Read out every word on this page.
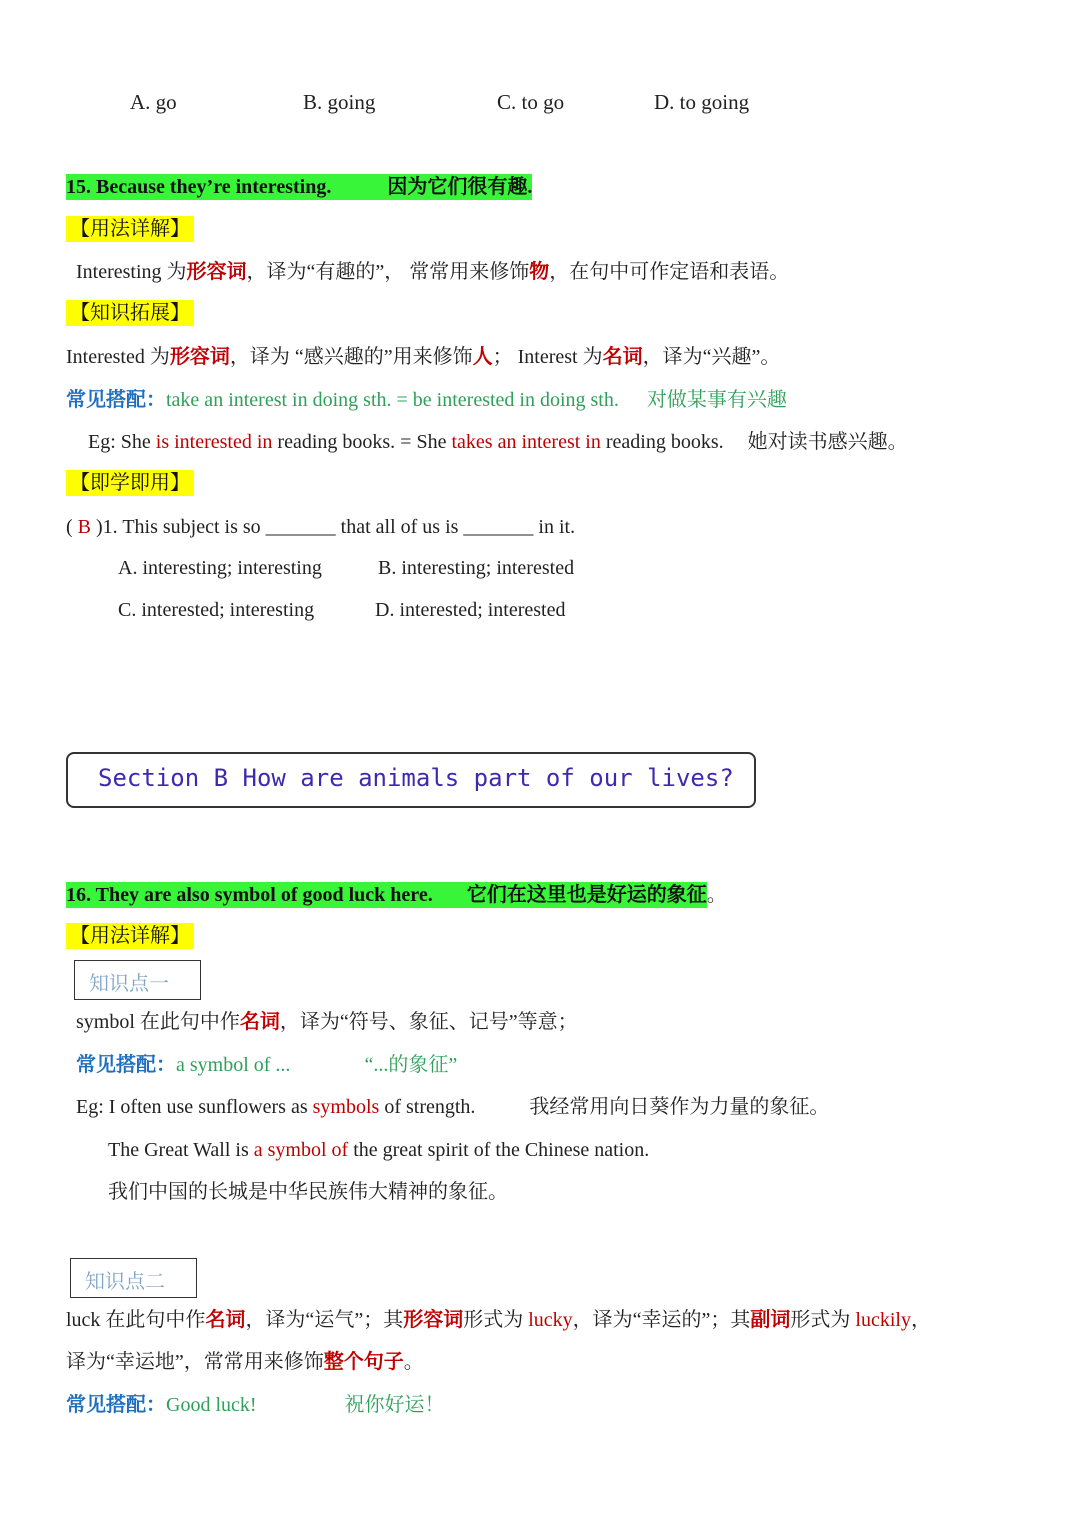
A. go	B. going	C. to go	D. to going
15. Because they’re interesting.	因为它们很有趣.
【用法详解】
Interesting 为形容词，译为“有趣的”， 常常用来修饰物，在句中可作定语和表语。
【知识拓展】
Interested 为形容词，译为 “感兴趣的”用来修饰人； Interest 为名词，译为“兴趣”。
常见搭配：take an interest in doing sth. = be interested in doing sth. 对做某事有兴趣
Eg: She is interested in reading books. = She takes an interest in reading books. 她对读书感兴趣。
【即学即用】
( B )1. This subject is so _______ that all of us is _______ in it.
A. interesting; interesting	B. interesting; interested
C. interested; interesting	D. interested; interested
Section B How are animals part of our lives?
16. They are also symbol of good luck here. 它们在这里也是好运的象征。
【用法详解】
知识点一
symbol 在此句中作名词，译为“符号、象征、记号”等意；
常见搭配：a symbol of ...	“...的象征”
Eg: I often use sunflowers as symbols of strength.	我经常用向日葵作为力量的象征。
The Great Wall is a symbol of the great spirit of the Chinese nation.
我们中国的长城是中华民族伟大精神的象征。
知识点二
luck 在此句中作名词，译为“运气”；其形容词形式为 lucky，译为“幸运的”；其副词形式为 luckily，
译为“幸运地”，常常用来修饰整个句子。
常见搭配：Good luck!	祝你好运！
